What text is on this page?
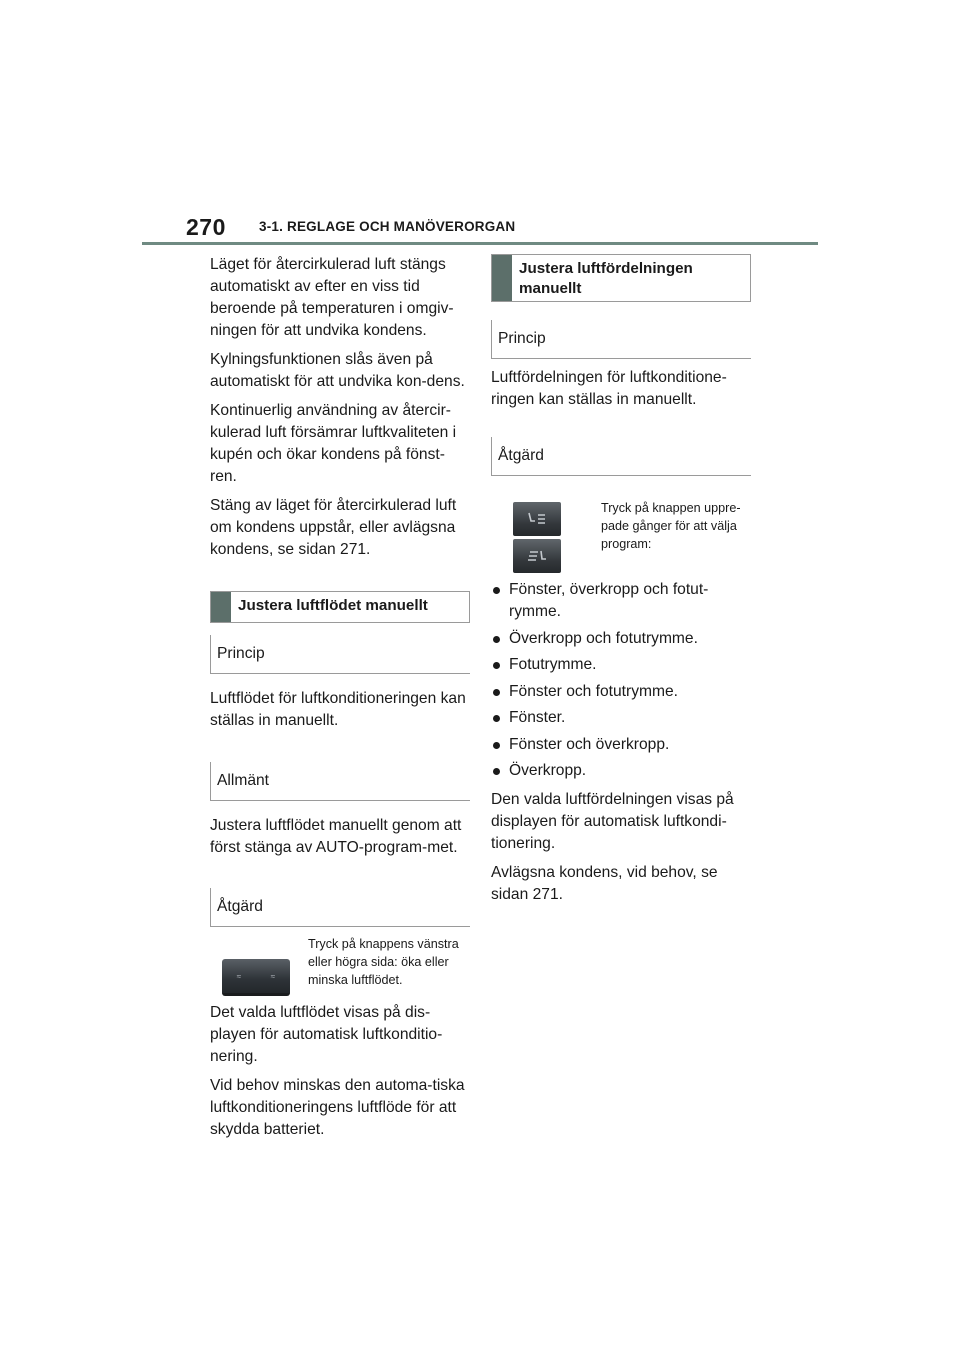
270 3-1. REGLAGE OCH MANÖVERORGAN

Läget för återcirkulerad luft stängs automatiskt av efter en viss tid beroende på temperaturen i omgiv-ningen för att undvika kondens.

Kylningsfunktionen slås även på automatiskt för att undvika kon-dens.

Kontinuerlig användning av återcir-kulerad luft försämrar luftkvaliteten i kupén och ökar kondens på fönst-ren.

Stäng av läget för återcirkulerad luft om kondens uppstår, eller avlägsna kondens, se sidan 271.

Justera luftflödet manuellt
Princip

Luftflödet för luftkonditioneringen kan ställas in manuellt.

Allmänt

Justera luftflödet manuellt genom att först stänga av AUTO-program-met.

Åtgärd
≈	≈
Tryck på knappens vänstra eller högra sida: öka eller minska luftflödet.

Det valda luftflödet visas på dis-playen för automatisk luftkonditio-nering.

Vid behov minskas den automa-tiska luftkonditioneringens luftflöde för att skydda batteriet.

Justera luftfördelningen manuellt
Princip

Luftfördelningen för luftkonditione-ringen kan ställas in manuellt.

Åtgärd
Tryck på knappen uppre-pade gånger för att välja program:
Fönster, överkropp och fotut-rymme.
Överkropp och fotutrymme.
Fotutrymme.
Fönster och fotutrymme.
Fönster.
Fönster och överkropp.
Överkropp.

Den valda luftfördelningen visas på displayen för automatisk luftkondi-tionering.

Avlägsna kondens, vid behov, se sidan 271.
